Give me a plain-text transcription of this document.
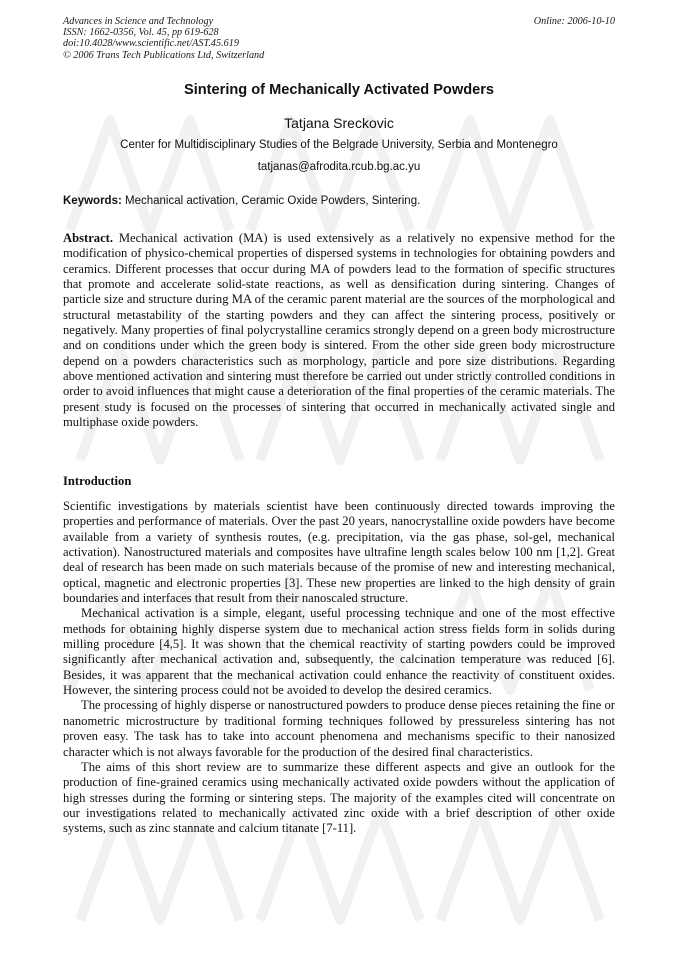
Advances in Science and Technology
ISSN: 1662-0356, Vol. 45, pp 619-628
doi:10.4028/www.scientific.net/AST.45.619
© 2006 Trans Tech Publications Ltd, Switzerland
Online: 2006-10-10
Sintering of Mechanically Activated Powders
Tatjana Sreckovic
Center for Multidisciplinary Studies of the Belgrade University, Serbia and Montenegro
tatjanas@afrodita.rcub.bg.ac.yu
Keywords: Mechanical activation, Ceramic Oxide Powders, Sintering.

Abstract. Mechanical activation (MA) is used extensively as a relatively no expensive method for the modification of physico-chemical properties of dispersed systems in technologies for obtaining powders and ceramics. Different processes that occur during MA of powders lead to the formation of specific structures that promote and accelerate solid-state reactions, as well as densification during sintering. Changes of particle size and structure during MA of the ceramic parent material are the sources of the morphological and structural metastability of the starting powders and they can affect the sintering process, positively or negatively. Many properties of final polycrystalline ceramics strongly depend on a green body microstructure and on conditions under which the green body is sintered. From the other side green body microstructure depend on a powders characteristics such as morphology, particle and pore size distributions. Regarding above mentioned activation and sintering must therefore be carried out under strictly controlled conditions in order to avoid influences that might cause a deterioration of the final properties of the ceramic materials. The present study is focused on the processes of sintering that occurred in mechanically activated single and multiphase oxide powders.

Introduction

Scientific investigations by materials scientist have been continuously directed towards improving the properties and performance of materials. Over the past 20 years, nanocrystalline oxide powders have become available from a variety of synthesis routes, (e.g. precipitation, via the gas phase, sol-gel, mechanical activation). Nanostructured materials and composites have ultrafine length scales below 100 nm [1,2]. Great deal of research has been made on such materials because of the promise of new and interesting mechanical, optical, magnetic and electronic properties [3]. These new properties are linked to the high density of grain boundaries and interfaces that result from their nanoscaled structure.

Mechanical activation is a simple, elegant, useful processing technique and one of the most effective methods for obtaining highly disperse system due to mechanical action stress fields form in solids during milling procedure [4,5]. It was shown that the chemical reactivity of starting powders could be improved significantly after mechanical activation and, subsequently, the calcination temperature was reduced [6]. Besides, it was apparent that the mechanical activation could enhance the reactivity of constituent oxides. However, the sintering process could not be avoided to develop the desired ceramics.

The processing of highly disperse or nanostructured powders to produce dense pieces retaining the fine or nanometric microstructure by traditional forming techniques followed by pressureless sintering has not proven easy. The task has to take into account phenomena and mechanisms specific to their nanosized character which is not always favorable for the production of the desired final characteristics.

The aims of this short review are to summarize these different aspects and give an outlook for the production of fine-grained ceramics using mechanically activated oxide powders without the application of high stresses during the forming or sintering steps. The majority of the examples cited will concentrate on our investigations related to mechanically activated zinc oxide with a brief description of other oxide systems, such as zinc stannate and calcium titanate [7-11].
